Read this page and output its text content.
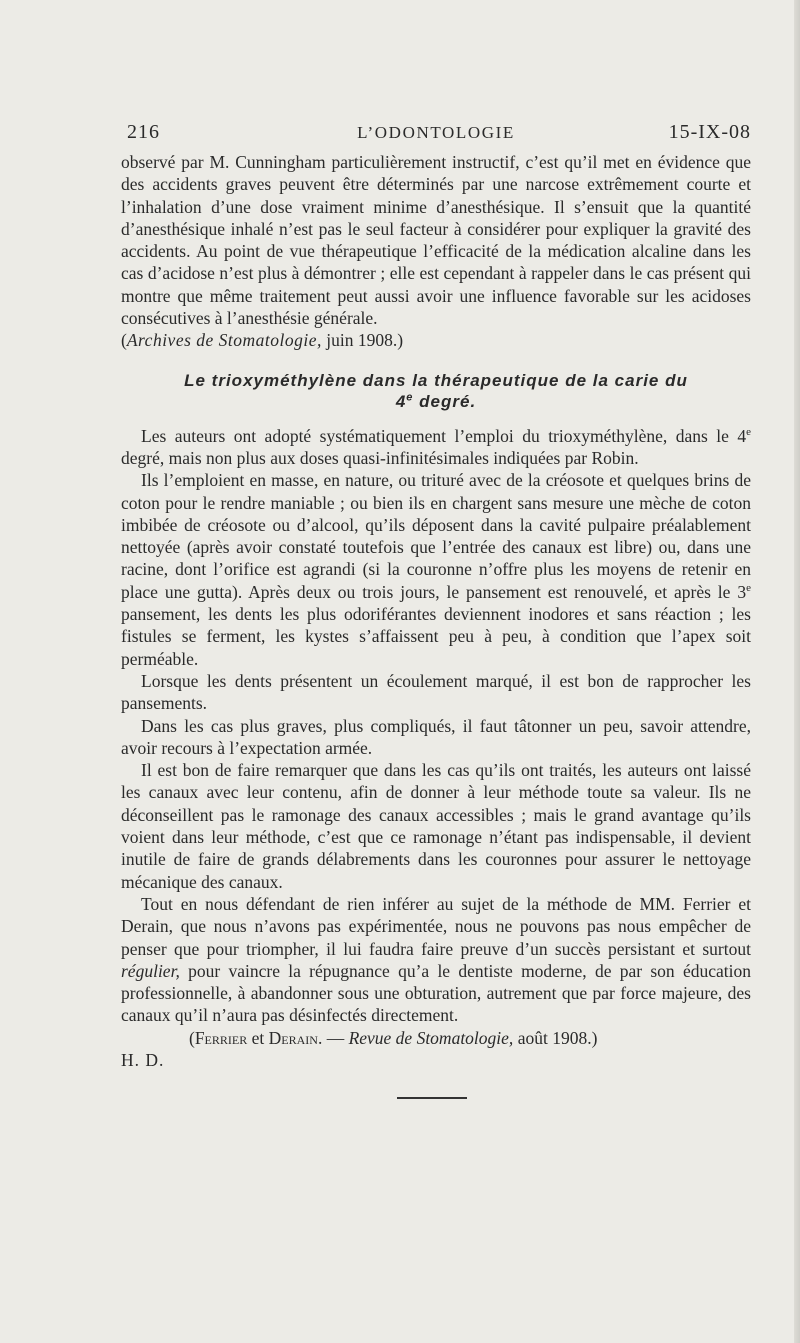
216	L’ODONTOLOGIE	15-IX-08

observé par M. Cunningham particulièrement instructif, c’est qu’il met en évidence que des accidents graves peuvent être déterminés par une narcose extrêmement courte et l’inhalation d’une dose vraiment minime d’anesthésique. Il s’ensuit que la quantité d’anesthésique inhalé n’est pas le seul facteur à considérer pour expliquer la gravité des accidents. Au point de vue thérapeutique l’efficacité de la médication alcaline dans les cas d’acidose n’est plus à démontrer ; elle est cependant à rappeler dans le cas présent qui montre que même traitement peut aussi avoir une influence favorable sur les acidoses consécutives à l’anesthésie générale.

(Archives de Stomatologie, juin 1908.)

Le trioxyméthylène dans la thérapeutique de la carie du
4e degré.

Les auteurs ont adopté systématiquement l’emploi du trioxyméthylène, dans le 4e degré, mais non plus aux doses quasi-infinitésimales indiquées par Robin.

Ils l’emploient en masse, en nature, ou trituré avec de la créosote et quelques brins de coton pour le rendre maniable ; ou bien ils en chargent sans mesure une mèche de coton imbibée de créosote ou d’alcool, qu’ils déposent dans la cavité pulpaire préalablement nettoyée (après avoir constaté toutefois que l’entrée des canaux est libre) ou, dans une racine, dont l’orifice est agrandi (si la couronne n’offre plus les moyens de retenir en place une gutta). Après deux ou trois jours, le pansement est renouvelé, et après le 3e pansement, les dents les plus odoriférantes deviennent inodores et sans réaction ; les fistules se ferment, les kystes s’affaissent peu à peu, à condition que l’apex soit perméable.

Lorsque les dents présentent un écoulement marqué, il est bon de rapprocher les pansements.

Dans les cas plus graves, plus compliqués, il faut tâtonner un peu, savoir attendre, avoir recours à l’expectation armée.

Il est bon de faire remarquer que dans les cas qu’ils ont traités, les auteurs ont laissé les canaux avec leur contenu, afin de donner à leur méthode toute sa valeur. Ils ne déconseillent pas le ramonage des canaux accessibles ; mais le grand avantage qu’ils voient dans leur méthode, c’est que ce ramonage n’étant pas indispensable, il devient inutile de faire de grands délabrements dans les couronnes pour assurer le nettoyage mécanique des canaux.

Tout en nous défendant de rien inférer au sujet de la méthode de MM. Ferrier et Derain, que nous n’avons pas expérimentée, nous ne pouvons pas nous empêcher de penser que pour triompher, il lui faudra faire preuve d’un succès persistant et surtout régulier, pour vaincre la répugnance qu’a le dentiste moderne, de par son éducation professionnelle, à abandonner sous une obturation, autrement que par force majeure, des canaux qu’il n’aura pas désinfectés directement.

(Ferrier et Derain. — Revue de Stomatologie, août 1908.)

H. D.
